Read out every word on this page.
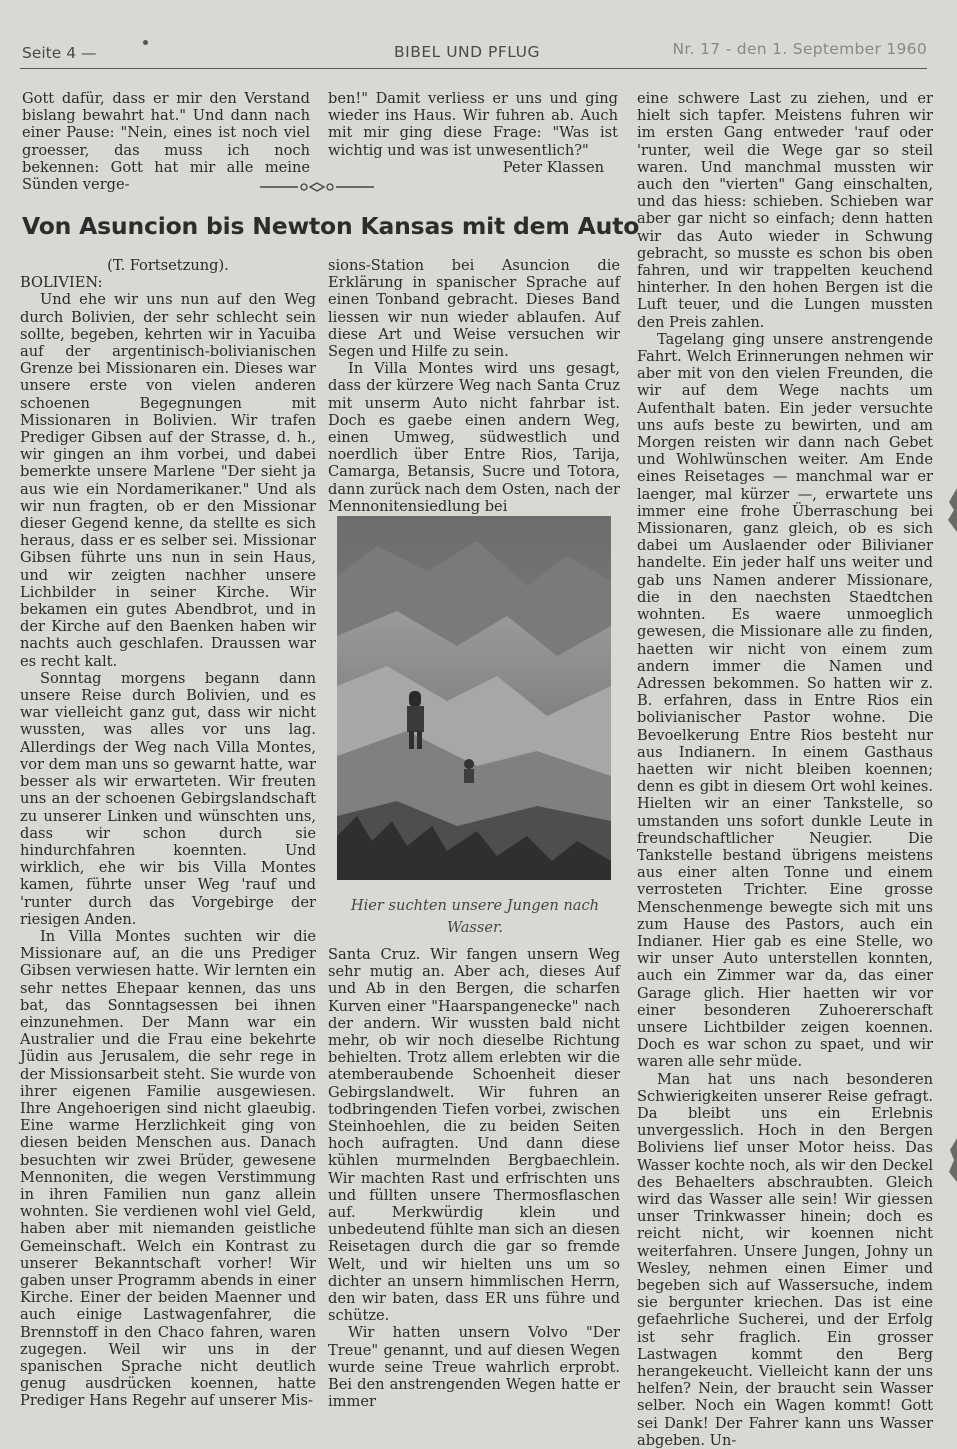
Seite 4 —	BIBEL UND PFLUG	Nr. 17 - den 1. September 1960

Gott dafür, dass er mir den Verstand bislang bewahrt hat." Und dann nach einer Pause: "Nein, eines ist noch viel groesser, das muss ich noch bekennen: Gott hat mir alle meine Sünden verge-

ben!" Damit verliess er uns und ging wieder ins Haus. Wir fuhren ab. Auch mit mir ging diese Frage: "Was ist wichtig und was ist unwesentlich?"

Peter Klassen

Von Asuncion bis Newton Kansas mit dem Auto

(T. Fortsetzung).

BOLIVIEN:

Und ehe wir uns nun auf den Weg durch Bolivien, der sehr schlecht sein sollte, begeben, kehrten wir in Yacuiba auf der argentinisch-bolivianischen Grenze bei Missionaren ein. Dieses war unsere erste von vielen anderen schoenen Begegnungen mit Missionaren in Bolivien. Wir trafen Prediger Gibsen auf der Strasse, d. h., wir gingen an ihm vorbei, und dabei bemerkte unsere Marlene "Der sieht ja aus wie ein Nordamerikaner." Und als wir nun fragten, ob er den Missionar dieser Gegend kenne, da stellte es sich heraus, dass er es selber sei. Missionar Gibsen führte uns nun in sein Haus, und wir zeigten nachher unsere Lichbilder in seiner Kirche. Wir bekamen ein gutes Abendbrot, und in der Kirche auf den Baenken haben wir nachts auch geschlafen. Draussen war es recht kalt.

Sonntag morgens begann dann unsere Reise durch Bolivien, und es war vielleicht ganz gut, dass wir nicht wussten, was alles vor uns lag. Allerdings der Weg nach Villa Montes, vor dem man uns so gewarnt hatte, war besser als wir erwarteten. Wir freuten uns an der schoenen Gebirgslandschaft zu unserer Linken und wünschten uns, dass wir schon durch sie hindurchfahren koennten. Und wirklich, ehe wir bis Villa Montes kamen, führte unser Weg 'rauf und 'runter durch das Vorgebirge der riesigen Anden.

In Villa Montes suchten wir die Missionare auf, an die uns Prediger Gibsen verwiesen hatte. Wir lernten ein sehr nettes Ehepaar kennen, das uns bat, das Sonntagsessen bei ihnen einzunehmen. Der Mann war ein Australier und die Frau eine bekehrte Jüdin aus Jerusalem, die sehr rege in der Missionsarbeit steht. Sie wurde von ihrer eigenen Familie ausgewiesen. Ihre Angehoerigen sind nicht glaeubig. Eine warme Herzlichkeit ging von diesen beiden Menschen aus. Danach besuchten wir zwei Brüder, gewesene Mennoniten, die wegen Verstimmung in ihren Familien nun ganz allein wohnten. Sie verdienen wohl viel Geld, haben aber mit niemanden geistliche Gemeinschaft. Welch ein Kontrast zu unserer Bekanntschaft vorher! Wir gaben unser Programm abends in einer Kirche. Einer der beiden Maenner und auch einige Lastwagenfahrer, die Brennstoff in den Chaco fahren, waren zugegen. Weil wir uns in der spanischen Sprache nicht deutlich genug ausdrücken koennen, hatte Prediger Hans Regehr auf unserer Mis-

sions-Station bei Asuncion die Erklärung in spanischer Sprache auf einen Tonband gebracht. Dieses Band liessen wir nun wieder ablaufen. Auf diese Art und Weise versuchen wir Segen und Hilfe zu sein.

In Villa Montes wird uns gesagt, dass der kürzere Weg nach Santa Cruz mit unserm Auto nicht fahrbar ist. Doch es gaebe einen andern Weg, einen Umweg, südwestlich und noerdlich über Entre Rios, Tarija, Camarga, Betansis, Sucre und Totora, dann zurück nach dem Osten, nach der Mennonitensiedlung bei

Hier suchten unsere Jungen nach Wasser.

Santa Cruz. Wir fangen unsern Weg sehr mutig an. Aber ach, dieses Auf und Ab in den Bergen, die scharfen Kurven einer "Haarspangenecke" nach der andern. Wir wussten bald nicht mehr, ob wir noch dieselbe Richtung behielten. Trotz allem erlebten wir die atemberaubende Schoenheit dieser Gebirgslandwelt. Wir fuhren an todbringenden Tiefen vorbei, zwischen Steinhoehlen, die zu beiden Seiten hoch aufragten. Und dann diese kühlen murmelnden Bergbaechlein. Wir machten Rast und erfrischten uns und füllten unsere Thermosflaschen auf. Merkwürdig klein und unbedeutend fühlte man sich an diesen Reisetagen durch die gar so fremde Welt, und wir hielten uns um so dichter an unsern himmlischen Herrn, den wir baten, dass ER uns führe und schütze.

Wir hatten unsern Volvo "Der Treue" genannt, und auf diesen Wegen wurde seine Treue wahrlich erprobt. Bei den anstrengenden Wegen hatte er immer

eine schwere Last zu ziehen, und er hielt sich tapfer. Meistens fuhren wir im ersten Gang entweder 'rauf oder 'runter, weil die Wege gar so steil waren. Und manchmal mussten wir auch den "vierten" Gang einschalten, und das hiess: schieben. Schieben war aber gar nicht so einfach; denn hatten wir das Auto wieder in Schwung gebracht, so musste es schon bis oben fahren, und wir trappelten keuchend hinterher. In den hohen Bergen ist die Luft teuer, und die Lungen mussten den Preis zahlen.

Tagelang ging unsere anstrengende Fahrt. Welch Erinnerungen nehmen wir aber mit von den vielen Freunden, die wir auf dem Wege nachts um Aufenthalt baten. Ein jeder versuchte uns aufs beste zu bewirten, und am Morgen reisten wir dann nach Gebet und Wohlwünschen weiter. Am Ende eines Reisetages — manchmal war er laenger, mal kürzer —, erwartete uns immer eine frohe Überraschung bei Missionaren, ganz gleich, ob es sich dabei um Auslaender oder Bilivianer handelte. Ein jeder half uns weiter und gab uns Namen anderer Missionare, die in den naechsten Staedtchen wohnten. Es waere unmoeglich gewesen, die Missionare alle zu finden, haetten wir nicht von einem zum andern immer die Namen und Adressen bekommen. So hatten wir z. B. erfahren, dass in Entre Rios ein bolivianischer Pastor wohne. Die Bevoelkerung Entre Rios besteht nur aus Indianern. In einem Gasthaus haetten wir nicht bleiben koennen; denn es gibt in diesem Ort wohl keines. Hielten wir an einer Tankstelle, so umstanden uns sofort dunkle Leute in freundschaftlicher Neugier. Die Tankstelle bestand übrigens meistens aus einer alten Tonne und einem verrosteten Trichter. Eine grosse Menschenmenge bewegte sich mit uns zum Hause des Pastors, auch ein Indianer. Hier gab es eine Stelle, wo wir unser Auto unterstellen konnten, auch ein Zimmer war da, das einer Garage glich. Hier haetten wir vor einer besonderen Zuhoererschaft unsere Lichtbilder zeigen koennen. Doch es war schon zu spaet, und wir waren alle sehr müde.

Man hat uns nach besonderen Schwierigkeiten unserer Reise gefragt. Da bleibt uns ein Erlebnis unvergesslich. Hoch in den Bergen Boliviens lief unser Motor heiss. Das Wasser kochte noch, als wir den Deckel des Behaelters abschraubten. Gleich wird das Wasser alle sein! Wir giessen unser Trinkwasser hinein; doch es reicht nicht, wir koennen nicht weiterfahren. Unsere Jungen, Johny un Wesley, nehmen einen Eimer und begeben sich auf Wassersuche, indem sie bergunter kriechen. Das ist eine gefaehrliche Sucherei, und der Erfolg ist sehr fraglich. Ein grosser Lastwagen kommt den Berg herangekeucht. Vielleicht kann der uns helfen? Nein, der braucht sein Wasser selber. Noch ein Wagen kommt! Gott sei Dank! Der Fahrer kann uns Wasser abgeben. Un-
